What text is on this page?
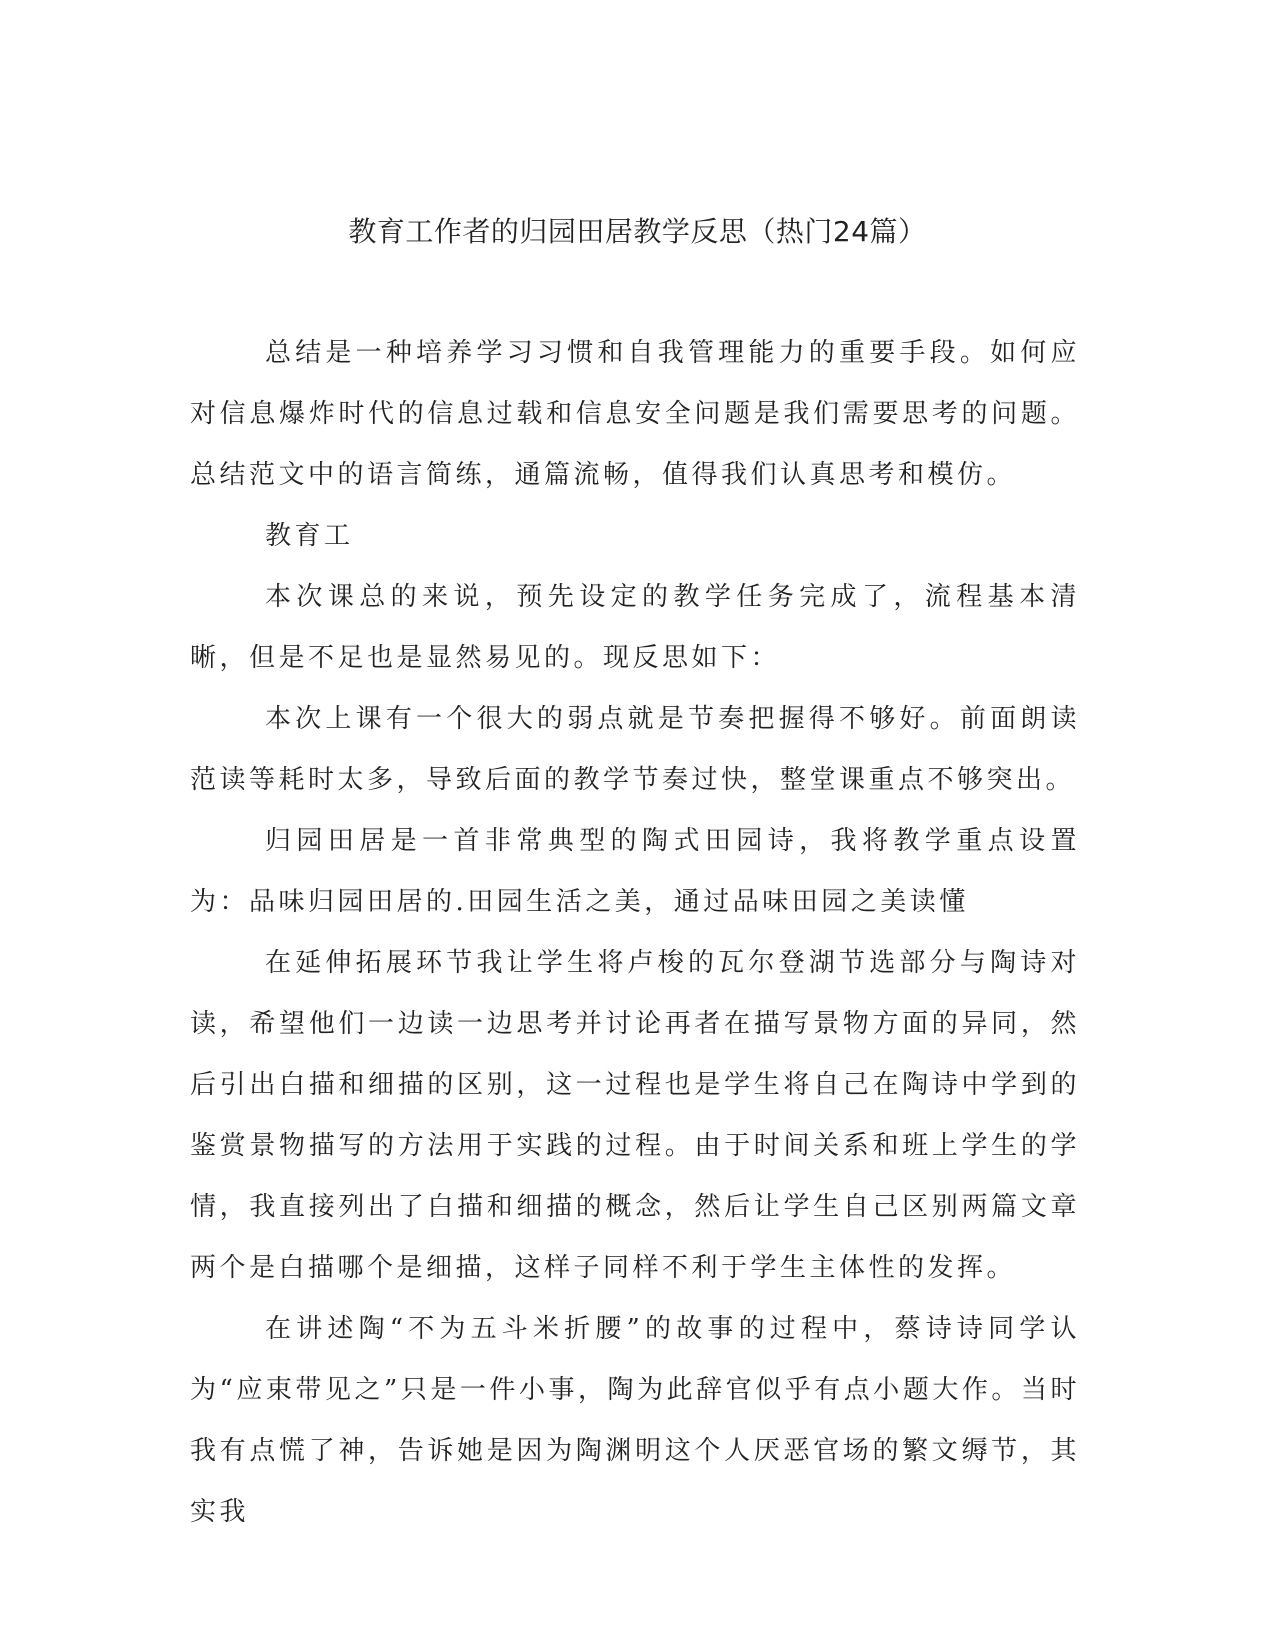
教育工作者的归园田居教学反思（热门24篇）

总结是一种培养学习习惯和自我管理能力的重要手段。如何应对信息爆炸时代的信息过载和信息安全问题是我们需要思考的问题。总结范文中的语言简练，通篇流畅，值得我们认真思考和模仿。

教育工

本次课总的来说，预先设定的教学任务完成了，流程基本清晰，但是不足也是显然易见的。现反思如下：

本次上课有一个很大的弱点就是节奏把握得不够好。前面朗读范读等耗时太多，导致后面的教学节奏过快，整堂课重点不够突出。

归园田居是一首非常典型的陶式田园诗，我将教学重点设置为：品味归园田居的.田园生活之美，通过品味田园之美读懂

在延伸拓展环节我让学生将卢梭的瓦尔登湖节选部分与陶诗对读，希望他们一边读一边思考并讨论再者在描写景物方面的异同，然后引出白描和细描的区别，这一过程也是学生将自己在陶诗中学到的鉴赏景物描写的方法用于实践的过程。由于时间关系和班上学生的学情，我直接列出了白描和细描的概念，然后让学生自己区别两篇文章两个是白描哪个是细描，这样子同样不利于学生主体性的发挥。

在讲述陶“不为五斗米折腰”的故事的过程中，蔡诗诗同学认为“应束带见之”只是一件小事，陶为此辞官似乎有点小题大作。当时我有点慌了神，告诉她是因为陶渊明这个人厌恶官场的繁文缛节，其实我
